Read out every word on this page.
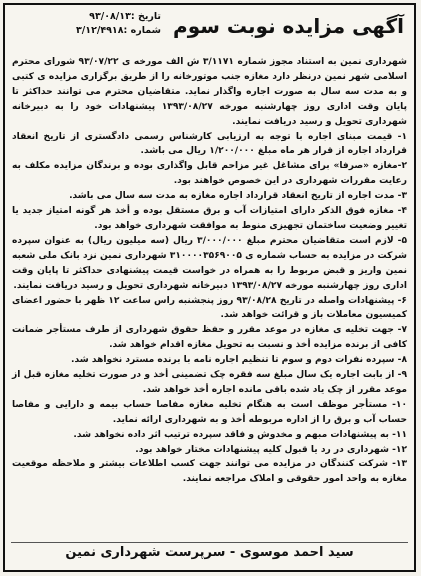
آگهی مزایده نوبت سوم
تاریخ :۹۳/۰۸/۱۳
شماره :۳/۱۲/۴۹۱۸

شهرداری نمین به استناد مجوز شماره ۳/۱۱۷۱ ش الف مورخه ی ۹۳/۰۷/۲۲ شورای محترم اسلامی شهر نمین درنظر دارد مغازه جنب موتورخانه را از طریق برگزاری مزایده ی کتبی و به مدت سه سال به صورت اجاره واگذار نماید. متقاضیان محترم می توانند حداکثر تا پایان وقت اداری روز چهارشنبه مورخه ۱۳۹۳/۰۸/۲۷ پیشنهادات خود را به دبیرخانه شهرداری تحویل و رسید دریافت نمایند.

۱- قیمت مبنای اجاره با توجه به ارزیابی کارشناس رسمی دادگستری از تاریخ انعقاد قرارداد اجاره از قرار هر ماه مبلغ ۱/۲۰۰/۰۰۰ ریال می باشد.

۲-مغازه «صرفا» برای مشاغل غیر مزاحم قابل واگذاری بوده و برندگان مزایده مکلف به رعایت مقررات شهرداری در این خصوص خواهند بود.

۳- مدت اجاره از تاریخ انعقاد قرارداد اجاره مغازه به مدت سه سال می باشد.

۴- مغازه فوق الذکر دارای امتیازات آب و برق مستقل بوده و أخذ هر گونه امتیاز جدید یا تغییر وضعیت ساختمان تجهیزی منوط به موافقت شهرداری خواهد بود.

۵- لازم است متقاضیان محترم مبلغ ۳/۰۰۰/۰۰۰ ریال (سه میلیون ریال) به عنوان سپرده شرکت در مزایده به حساب شماره ی ۳۱۰۰۰۰۳۵۶۹۰۰۵ شهرداری نمین نزد بانک ملی شعبه نمین واریز و قبض مربوط را به همراه در خواست قیمت پیشنهادی حداکثر تا پایان وقت اداری روز چهارشنبه مورخه ۱۳۹۳/۰۸/۲۷ دبیرخانه شهرداری تحویل و رسید دریافت نمایند.

۶- پیشنهادات واصله در تاریخ ۹۳/۰۸/۲۸ روز پنجشنبه راس ساعت ۱۲ ظهر با حضور اعضای کمیسیون معاملات باز و قرائت خواهد شد.

۷- جهت تخلیه ی مغازه در موعد مقرر و حفظ حقوق شهرداری از طرف مستأجر ضمانت کافی از برنده مزایده أخذ و نسبت به تحویل مغازه اقدام خواهد شد.

۸- سپرده نفرات دوم و سوم تا تنظیم اجاره نامه با برنده مسترد نخواهد شد.

۹- از بابت اجاره یک سال مبلغ سه فقره چک تضمینی أخذ و در صورت تخلیه مغازه قبل از موعد مقرر از چک یاد شده باقی مانده اجاره أخذ خواهد شد.

۱۰- مستأجر موظف است به هنگام تخلیه مغازه مفاصا حساب بیمه و دارایی و مفاصا حساب آب و برق را از اداره مربوطه أخذ و به شهرداری ارائه نماید.

۱۱- به پیشنهادات مبهم و مخدوش و فاقد سپرده ترتیب اثر داده نخواهد شد.

۱۲- شهرداری در رد یا قبول کلیه پیشنهادات مختار خواهد بود.

۱۳- شرکت کنندگان در مزایده می توانند جهت کسب اطلاعات بیشتر و ملاحظه موقعیت مغازه به واحد امور حقوقی و املاک مراجعه نمایند.

سید احمد موسوی - سرپرست شهرداری نمین
